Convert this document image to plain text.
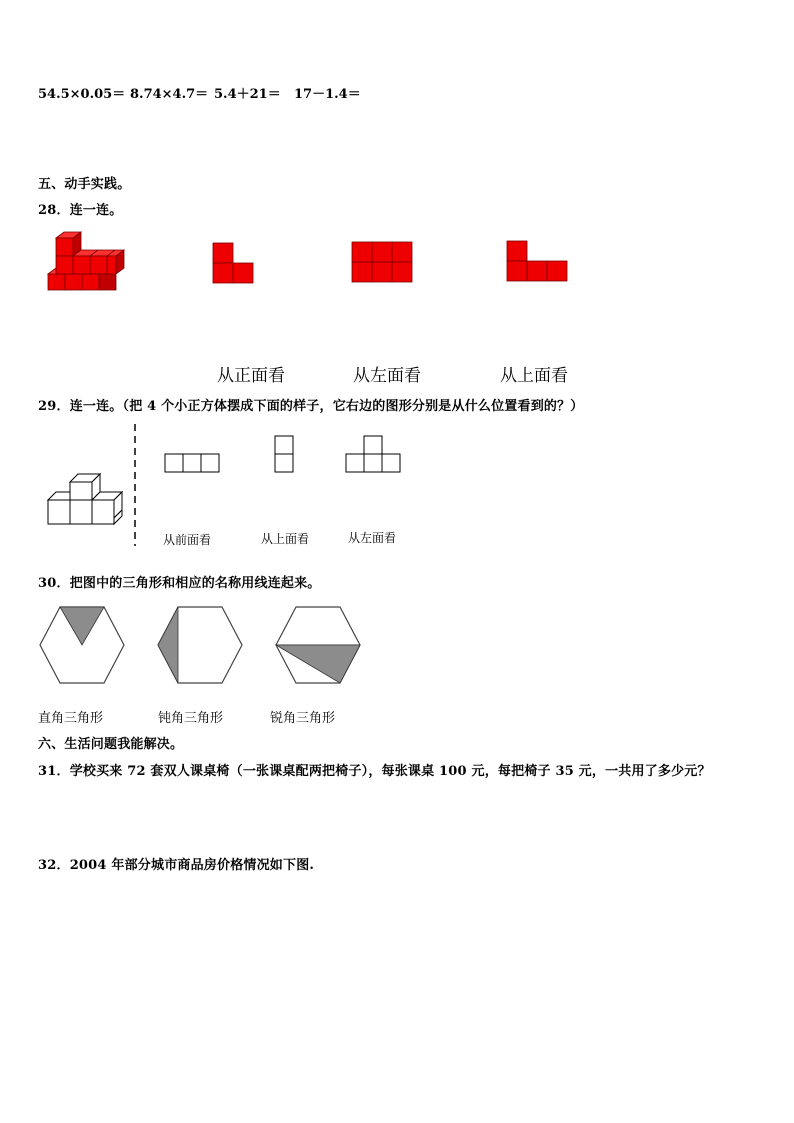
54.5×0.05＝ 8.74×4.7＝ 5.4＋21＝ 17－1.4＝
五、动手实践。
28．连一连。
从正面看	从左面看	从上面看
29．连一连。（把 4 个小正方体摆成下面的样子，它右边的图形分别是从什么位置看到的？）
从前面看	从上面看	从左面看
30．把图中的三角形和相应的名称用线连起来。
直角三角形	钝角三角形	锐角三角形
六、生活问题我能解决。
31．学校买来 72 套双人课桌椅（一张课桌配两把椅子），每张课桌 100 元，每把椅子 35 元，一共用了多少元？
32．2004 年部分城市商品房价格情况如下图.
